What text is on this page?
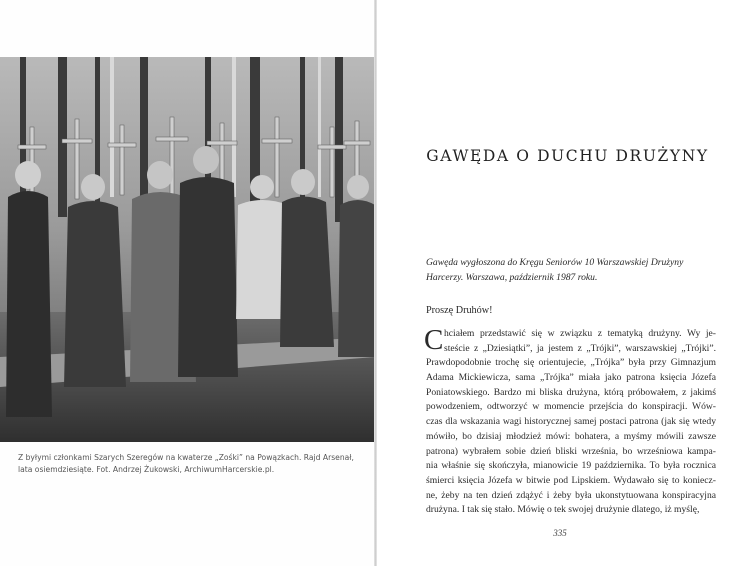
Z byłymi członkami Szarych Szeregów na kwaterze „Zośki” na Powązkach. Rajd Arsenał, lata osiemdziesiąte. Fot. Andrzej Żukowski, ArchiwumHarcerskie.pl.

GAWĘDA O DUCHU DRUŻYNY

Gawęda wygłoszona do Kręgu Seniorów 10 Warszawskiej Drużyny Harcerzy. Warszawa, październik 1987 roku.

Proszę Druhów!

C hciałem przedstawić się w związku z tematyką drużyny. Wy je-
steście z „Dziesiątki”, ja jestem z „Trójki”, warszawskiej „Trójki”.
Prawdopodobnie trochę się orientujecie, „Trójka” była przy Gimnazjum
Adama Mickiewicza, sama „Trójka” miała jako patrona księcia Józefa
Poniatowskiego. Bardzo mi bliska drużyna, którą próbowałem, z jakimś
powodzeniem, odtworzyć w momencie przejścia do konspiracji. Wów-
czas dla wskazania wagi historycznej samej postaci patrona (jak się wtedy
mówiło, bo dzisiaj młodzież mówi: bohatera, a myśmy mówili zawsze
patrona) wybrałem sobie dzień bliski września, bo wrześniowa kampa-
nia właśnie się skończyła, mianowicie 19 października. To była rocznica
śmierci księcia Józefa w bitwie pod Lipskiem. Wydawało się to koniecz-
ne, żeby na ten dzień zdążyć i żeby była ukonstytuowana konspiracyjna
drużyna. I tak się stało. Mówię o tek swojej drużynie dlatego, iż myślę,

335
